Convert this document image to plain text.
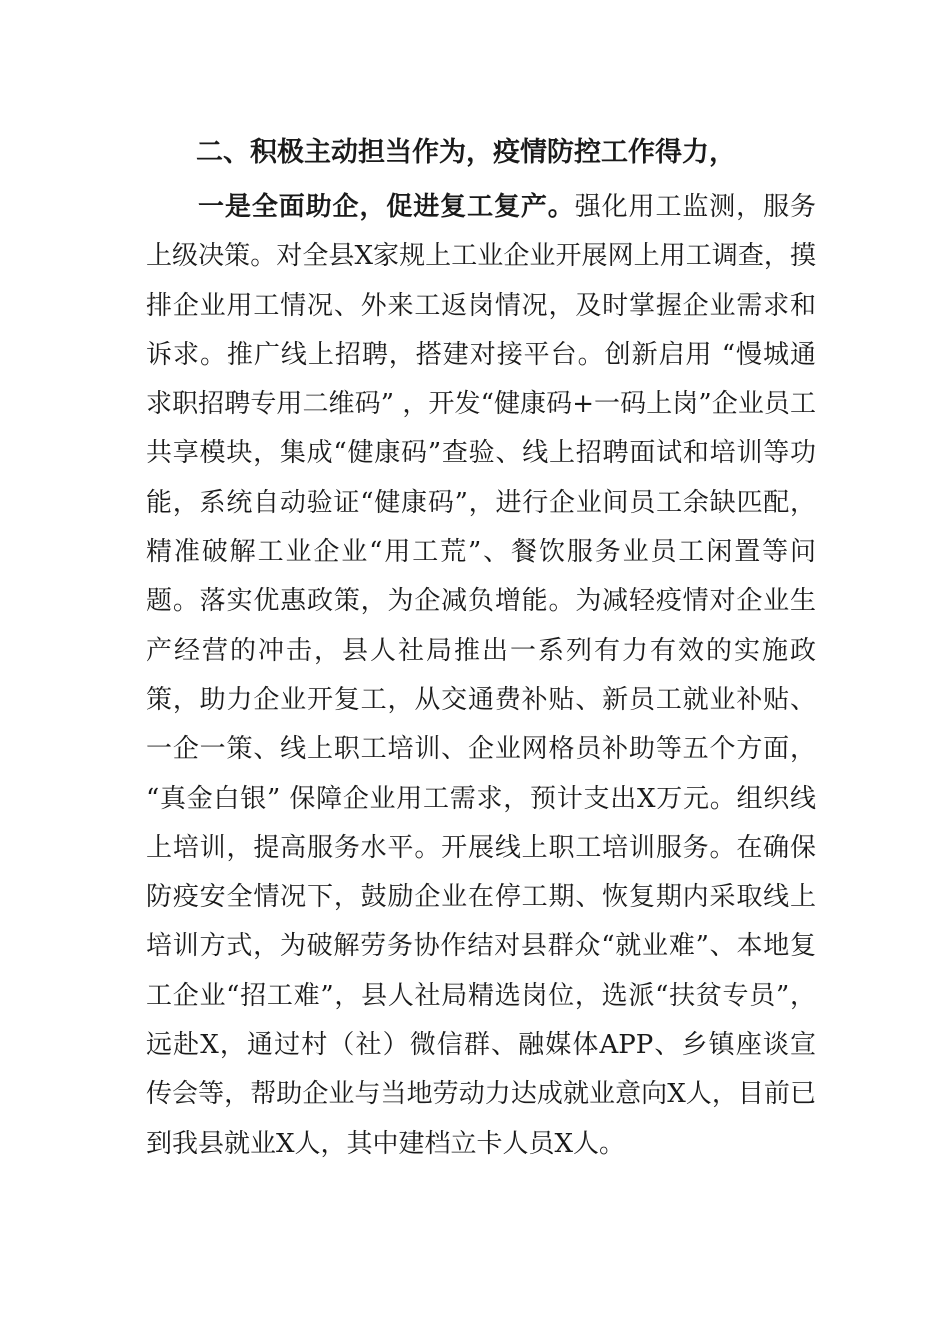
二、积极主动担当作为，疫情防控工作得力，

一是全面助企，促进复工复产。强化用工监测，服务上级决策。对全县X家规上工业企业开展网上用工调查，摸排企业用工情况、外来工返岗情况，及时掌握企业需求和诉求。推广线上招聘，搭建对接平台。创新启用 “慢城通求职招聘专用二维码” ，开发“健康码+一码上岗”企业员工共享模块，集成“健康码”查验、线上招聘面试和培训等功能，系统自动验证“健康码”，进行企业间员工余缺匹配，精准破解工业企业“用工荒”、餐饮服务业员工闲置等问题。落实优惠政策，为企减负增能。为减轻疫情对企业生产经营的冲击，县人社局推出一系列有力有效的实施政策，助力企业开复工，从交通费补贴、新员工就业补贴、一企一策、线上职工培训、企业网格员补助等五个方面， “真金白银” 保障企业用工需求，预计支出X万元。组织线上培训，提高服务水平。开展线上职工培训服务。在确保防疫安全情况下，鼓励企业在停工期、恢复期内采取线上培训方式，为破解劳务协作结对县群众“就业难”、本地复工企业“招工难”，县人社局精选岗位，选派“扶贫专员”，远赴X，通过村（社）微信群、融媒体APP、乡镇座谈宣传会等，帮助企业与当地劳动力达成就业意向X人，目前已到我县就业X人，其中建档立卡人员X人。
